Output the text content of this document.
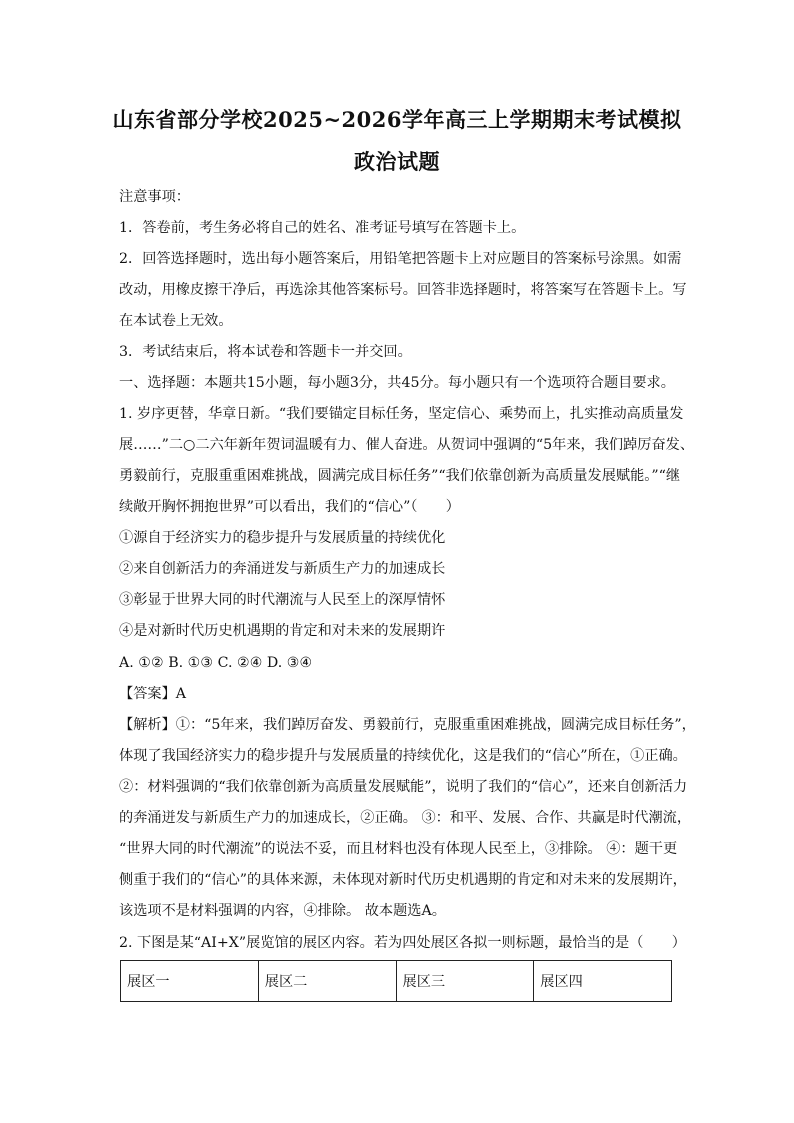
山东省部分学校2025~2026学年高三上学期期末考试模拟
政治试题
注意事项：
1．答卷前，考生务必将自己的姓名、准考证号填写在答题卡上。
2．回答选择题时，选出每小题答案后，用铅笔把答题卡上对应题目的答案标号涂黑。如需
改动，用橡皮擦干净后，再选涂其他答案标号。回答非选择题时，将答案写在答题卡上。写
在本试卷上无效。
3．考试结束后，将本试卷和答题卡一并交回。
一、选择题：本题共15小题，每小题3分，共45分。每小题只有一个选项符合题目要求。
1. 岁序更替，华章日新。“我们要锚定目标任务，坚定信心、乘势而上，扎实推动高质量发
展……”二○二六年新年贺词温暖有力、催人奋进。从贺词中强调的“5年来，我们踔厉奋发、
勇毅前行，克服重重困难挑战，圆满完成目标任务”“我们依靠创新为高质量发展赋能。”“继
续敞开胸怀拥抱世界”可以看出，我们的“信心”（　　）
①源自于经济实力的稳步提升与发展质量的持续优化
②来自创新活力的奔涌迸发与新质生产力的加速成长
③彰显于世界大同的时代潮流与人民至上的深厚情怀
④是对新时代历史机遇期的肯定和对未来的发展期许
A. ①② B. ①③ C. ②④ D. ③④
【答案】A
【解析】①：“5年来，我们踔厉奋发、勇毅前行，克服重重困难挑战，圆满完成目标任务”，
体现了我国经济实力的稳步提升与发展质量的持续优化，这是我们的“信心”所在，①正确。
②：材料强调的“我们依靠创新为高质量发展赋能”，说明了我们的“信心”，还来自创新活力
的奔涌迸发与新质生产力的加速成长，②正确。 ③：和平、发展、合作、共赢是时代潮流，
“世界大同的时代潮流”的说法不妥，而且材料也没有体现人民至上，③排除。 ④：题干更
侧重于我们的“信心”的具体来源，未体现对新时代历史机遇期的肯定和对未来的发展期许，
该选项不是材料强调的内容，④排除。 故本题选A。
2. 下图是某“AI+X”展览馆的展区内容。若为四处展区各拟一则标题，最恰当的是（　　）
展区一	展区二	展区三	展区四
